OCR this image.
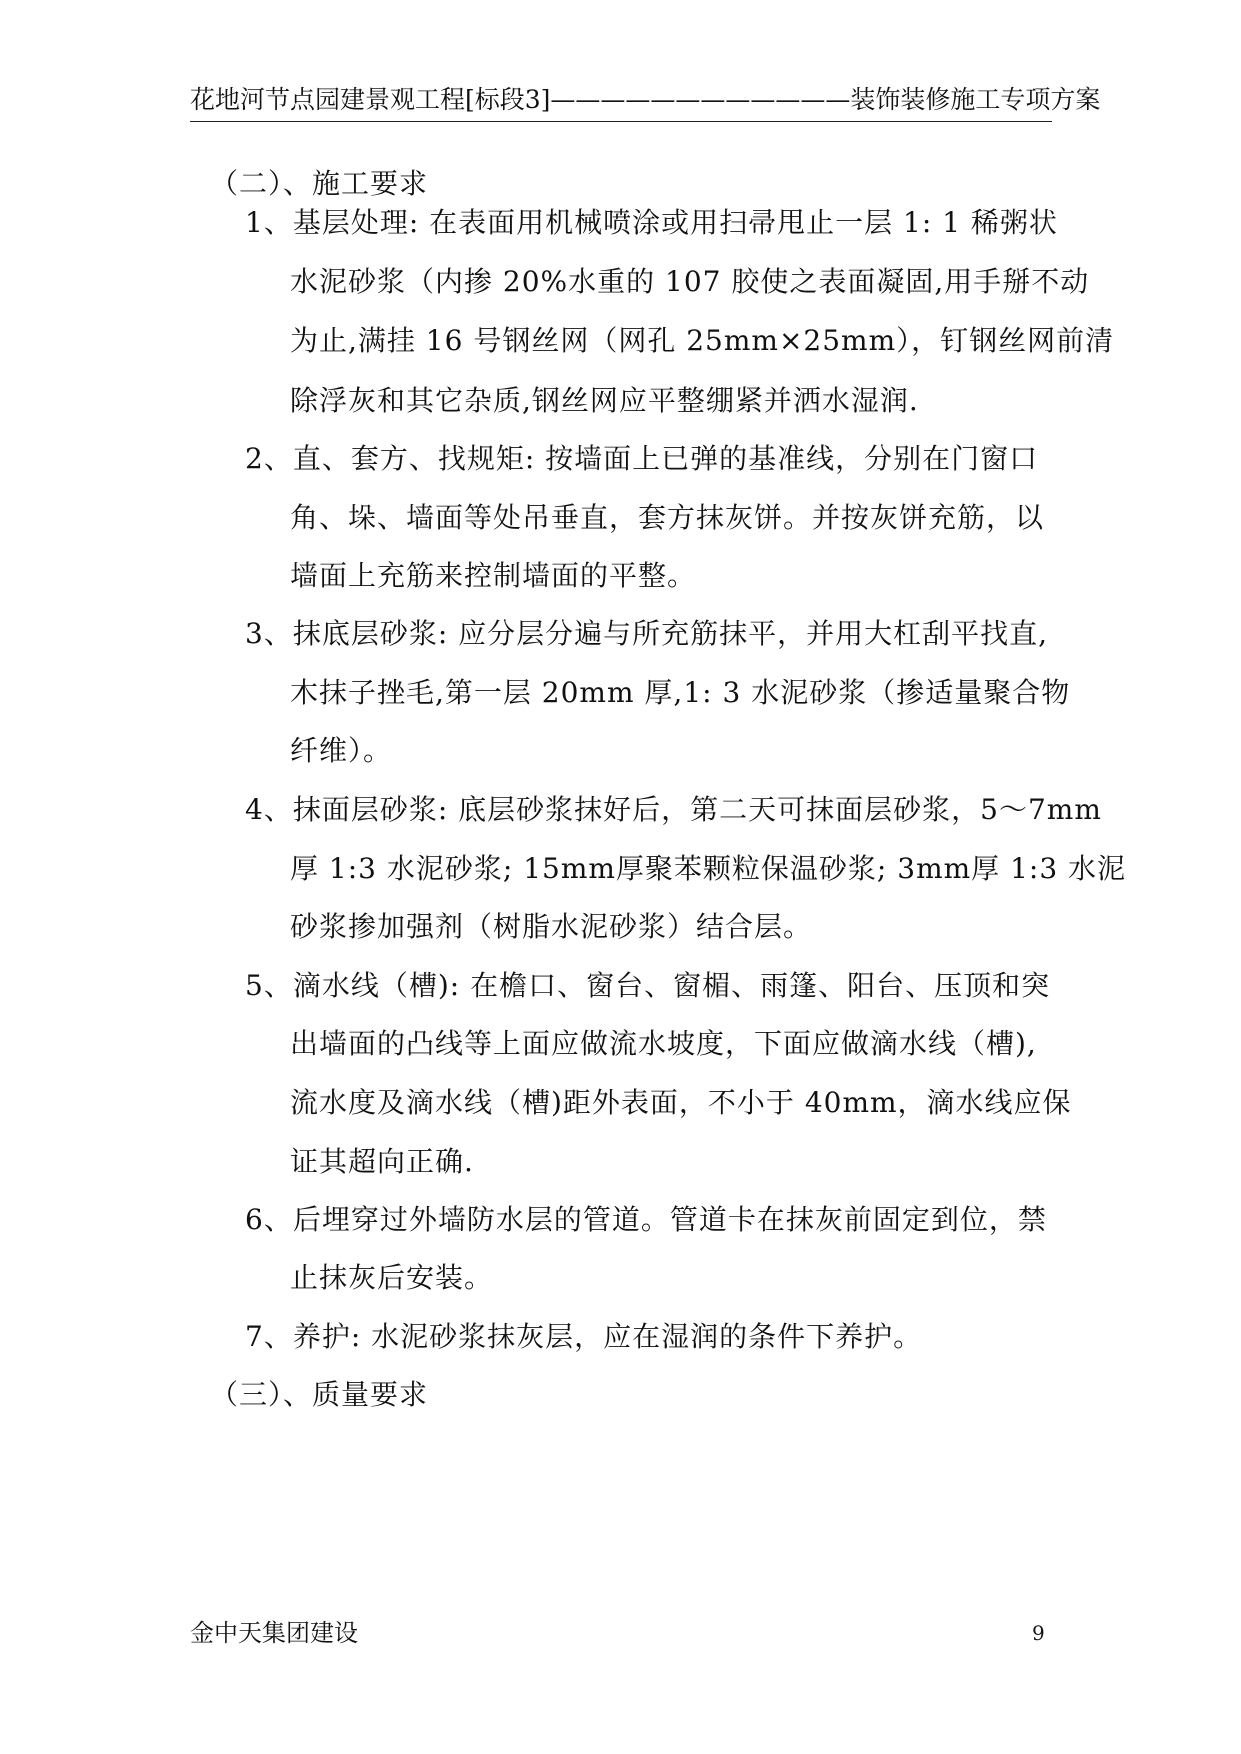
花地河节点园建景观工程[标段3]————————————装饰装修施工专项方案
（二）、施工要求
1、基层处理: 在表面用机械喷涂或用扫帚甩止一层 1: 1 稀粥状
水泥砂浆（内掺 20%水重的 107 胶使之表面凝固,用手掰不动
为止,满挂 16 号钢丝网（网孔 25mm×25mm），钉钢丝网前清
除浮灰和其它杂质,钢丝网应平整绷紧并洒水湿润.
2、直、套方、找规矩: 按墙面上已弹的基准线，分别在门窗口
角、垛、墙面等处吊垂直，套方抹灰饼。并按灰饼充筋，以
墙面上充筋来控制墙面的平整。
3、抹底层砂浆: 应分层分遍与所充筋抹平，并用大杠刮平找直,
木抹子挫毛,第一层 20mm 厚,1: 3 水泥砂浆（掺适量聚合物
纤维）。
4、抹面层砂浆: 底层砂浆抹好后，第二天可抹面层砂浆，5～7mm
厚 1:3 水泥砂浆; 15mm厚聚苯颗粒保温砂浆; 3mm厚 1:3 水泥
砂浆掺加强剂（树脂水泥砂浆）结合层。
5、滴水线（槽): 在檐口、窗台、窗楣、雨篷、阳台、压顶和突
出墙面的凸线等上面应做流水坡度，下面应做滴水线（槽),
流水度及滴水线（槽)距外表面，不小于 40mm，滴水线应保
证其超向正确.
6、后埋穿过外墙防水层的管道。管道卡在抹灰前固定到位，禁
止抹灰后安装。
7、养护: 水泥砂浆抹灰层，应在湿润的条件下养护。
（三）、质量要求
金中天集团建设	9
